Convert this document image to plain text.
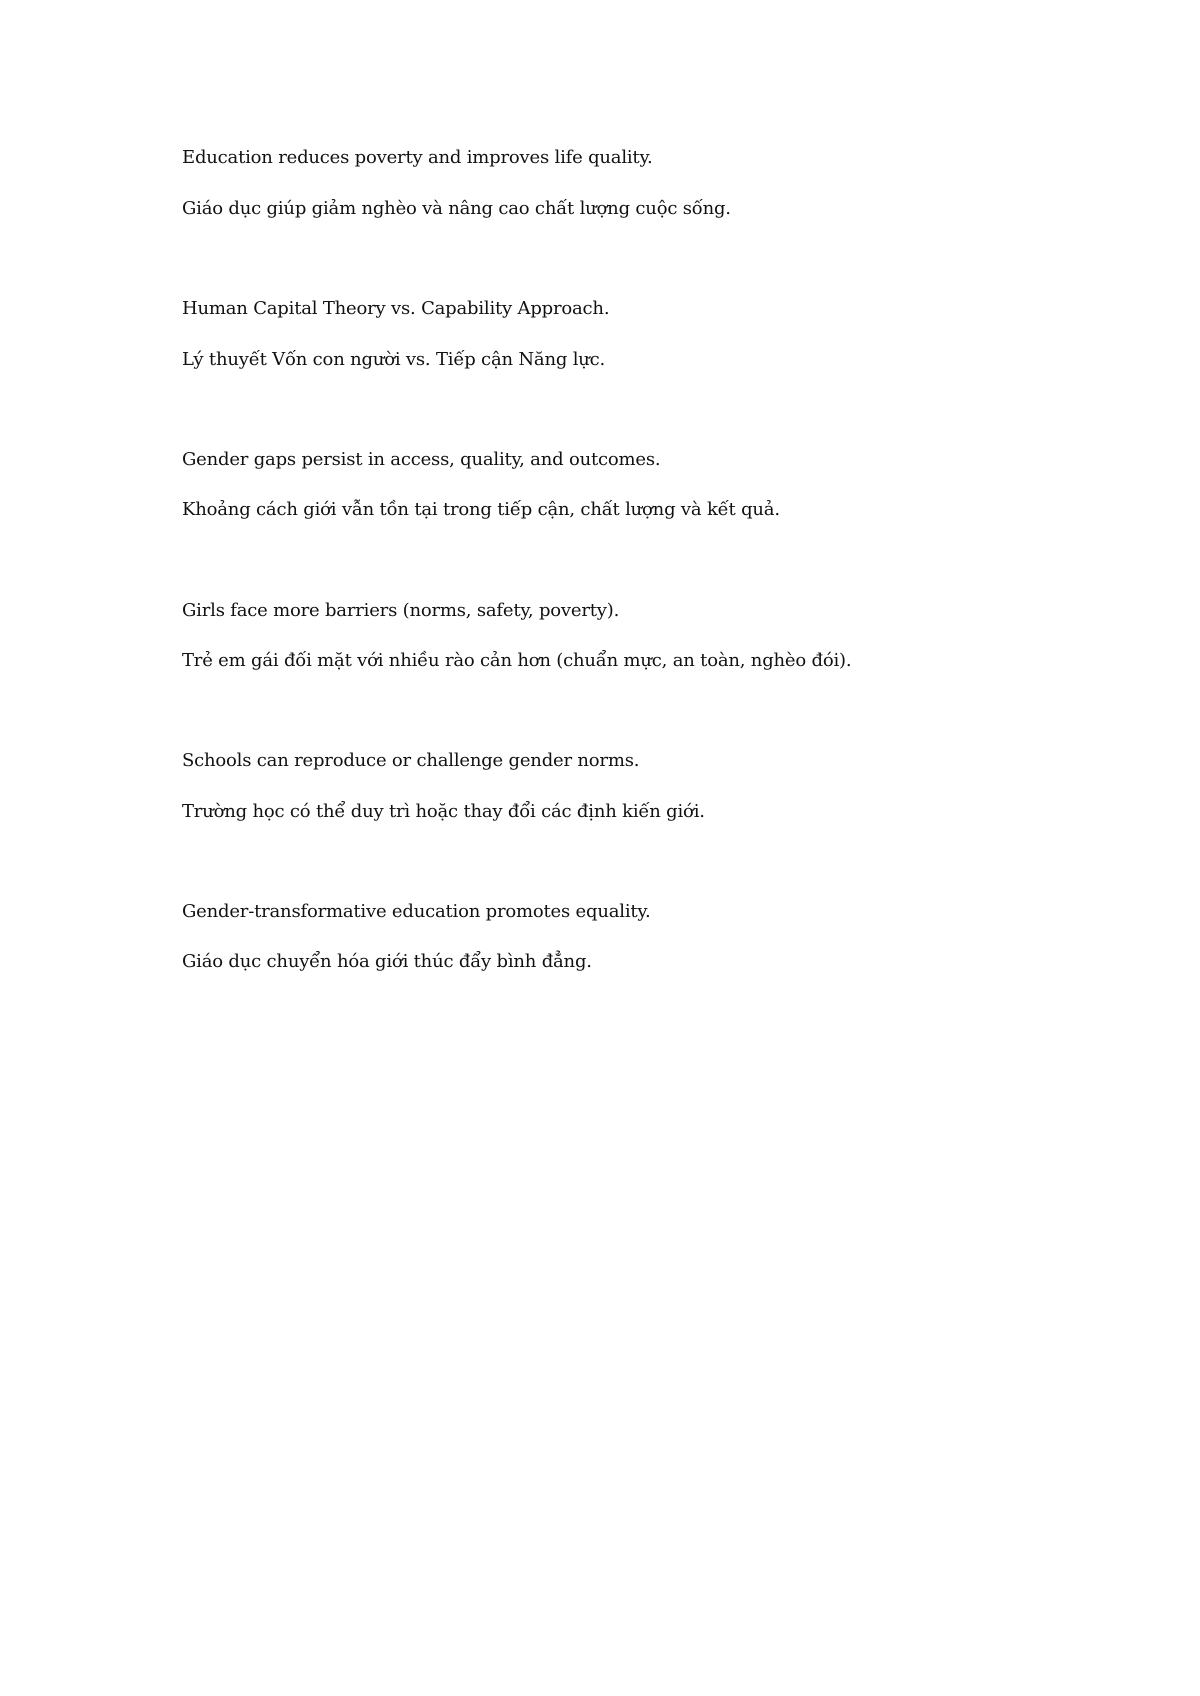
Education reduces poverty and improves life quality.

Giáo dục giúp giảm nghèo và nâng cao chất lượng cuộc sống.

Human Capital Theory vs. Capability Approach.

Lý thuyết Vốn con người vs. Tiếp cận Năng lực.

Gender gaps persist in access, quality, and outcomes.

Khoảng cách giới vẫn tồn tại trong tiếp cận, chất lượng và kết quả.

Girls face more barriers (norms, safety, poverty).

Trẻ em gái đối mặt với nhiều rào cản hơn (chuẩn mực, an toàn, nghèo đói).

Schools can reproduce or challenge gender norms.

Trường học có thể duy trì hoặc thay đổi các định kiến giới.

Gender-transformative education promotes equality.

Giáo dục chuyển hóa giới thúc đẩy bình đẳng.
